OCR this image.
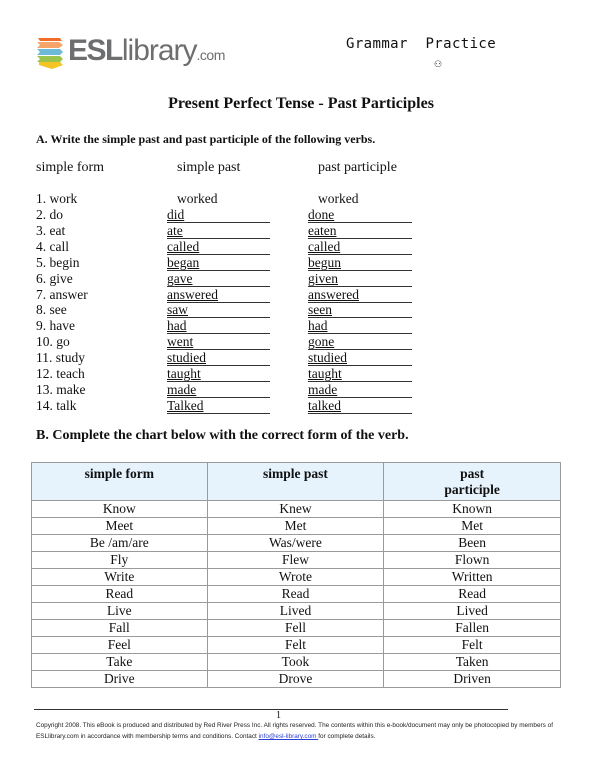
ESLlibrary.com
Grammar  Practice
⚇
Present Perfect Tense - Past Participles
A. Write the simple past and past participle of the following verbs.
simple form	simple past	past participle
1. work	worked	worked
2. do	did	done
3. eat	ate	eaten
4. call	called	called
5. begin	began	begun
6. give	gave	given
7. answer	answered	answered
8. see	saw	seen
9. have	had	had
10. go	went	gone
11. study	studied	studied
12. teach	taught	taught
13. make	made	made
14. talk	Talked	talked
B. Complete the chart below with the correct form of the verb.
simple form	simple past	past participle
Know	Knew	Known
Meet	Met	Met
Be /am/are	Was/were	Been
Fly	Flew	Flown
Write	Wrote	Written
Read	Read	Read
Live	Lived	Lived
Fall	Fell	Fallen
Feel	Felt	Felt
Take	Took	Taken
Drive	Drove	Driven
1
Copyright 2008. This eBook is produced and distributed by Red River Press Inc. All rights reserved. The contents within this e-book/document may only be photocopied by members of ESLlibrary.com in accordance with membership terms and conditions. Contact info@esl-library.com for complete details.
